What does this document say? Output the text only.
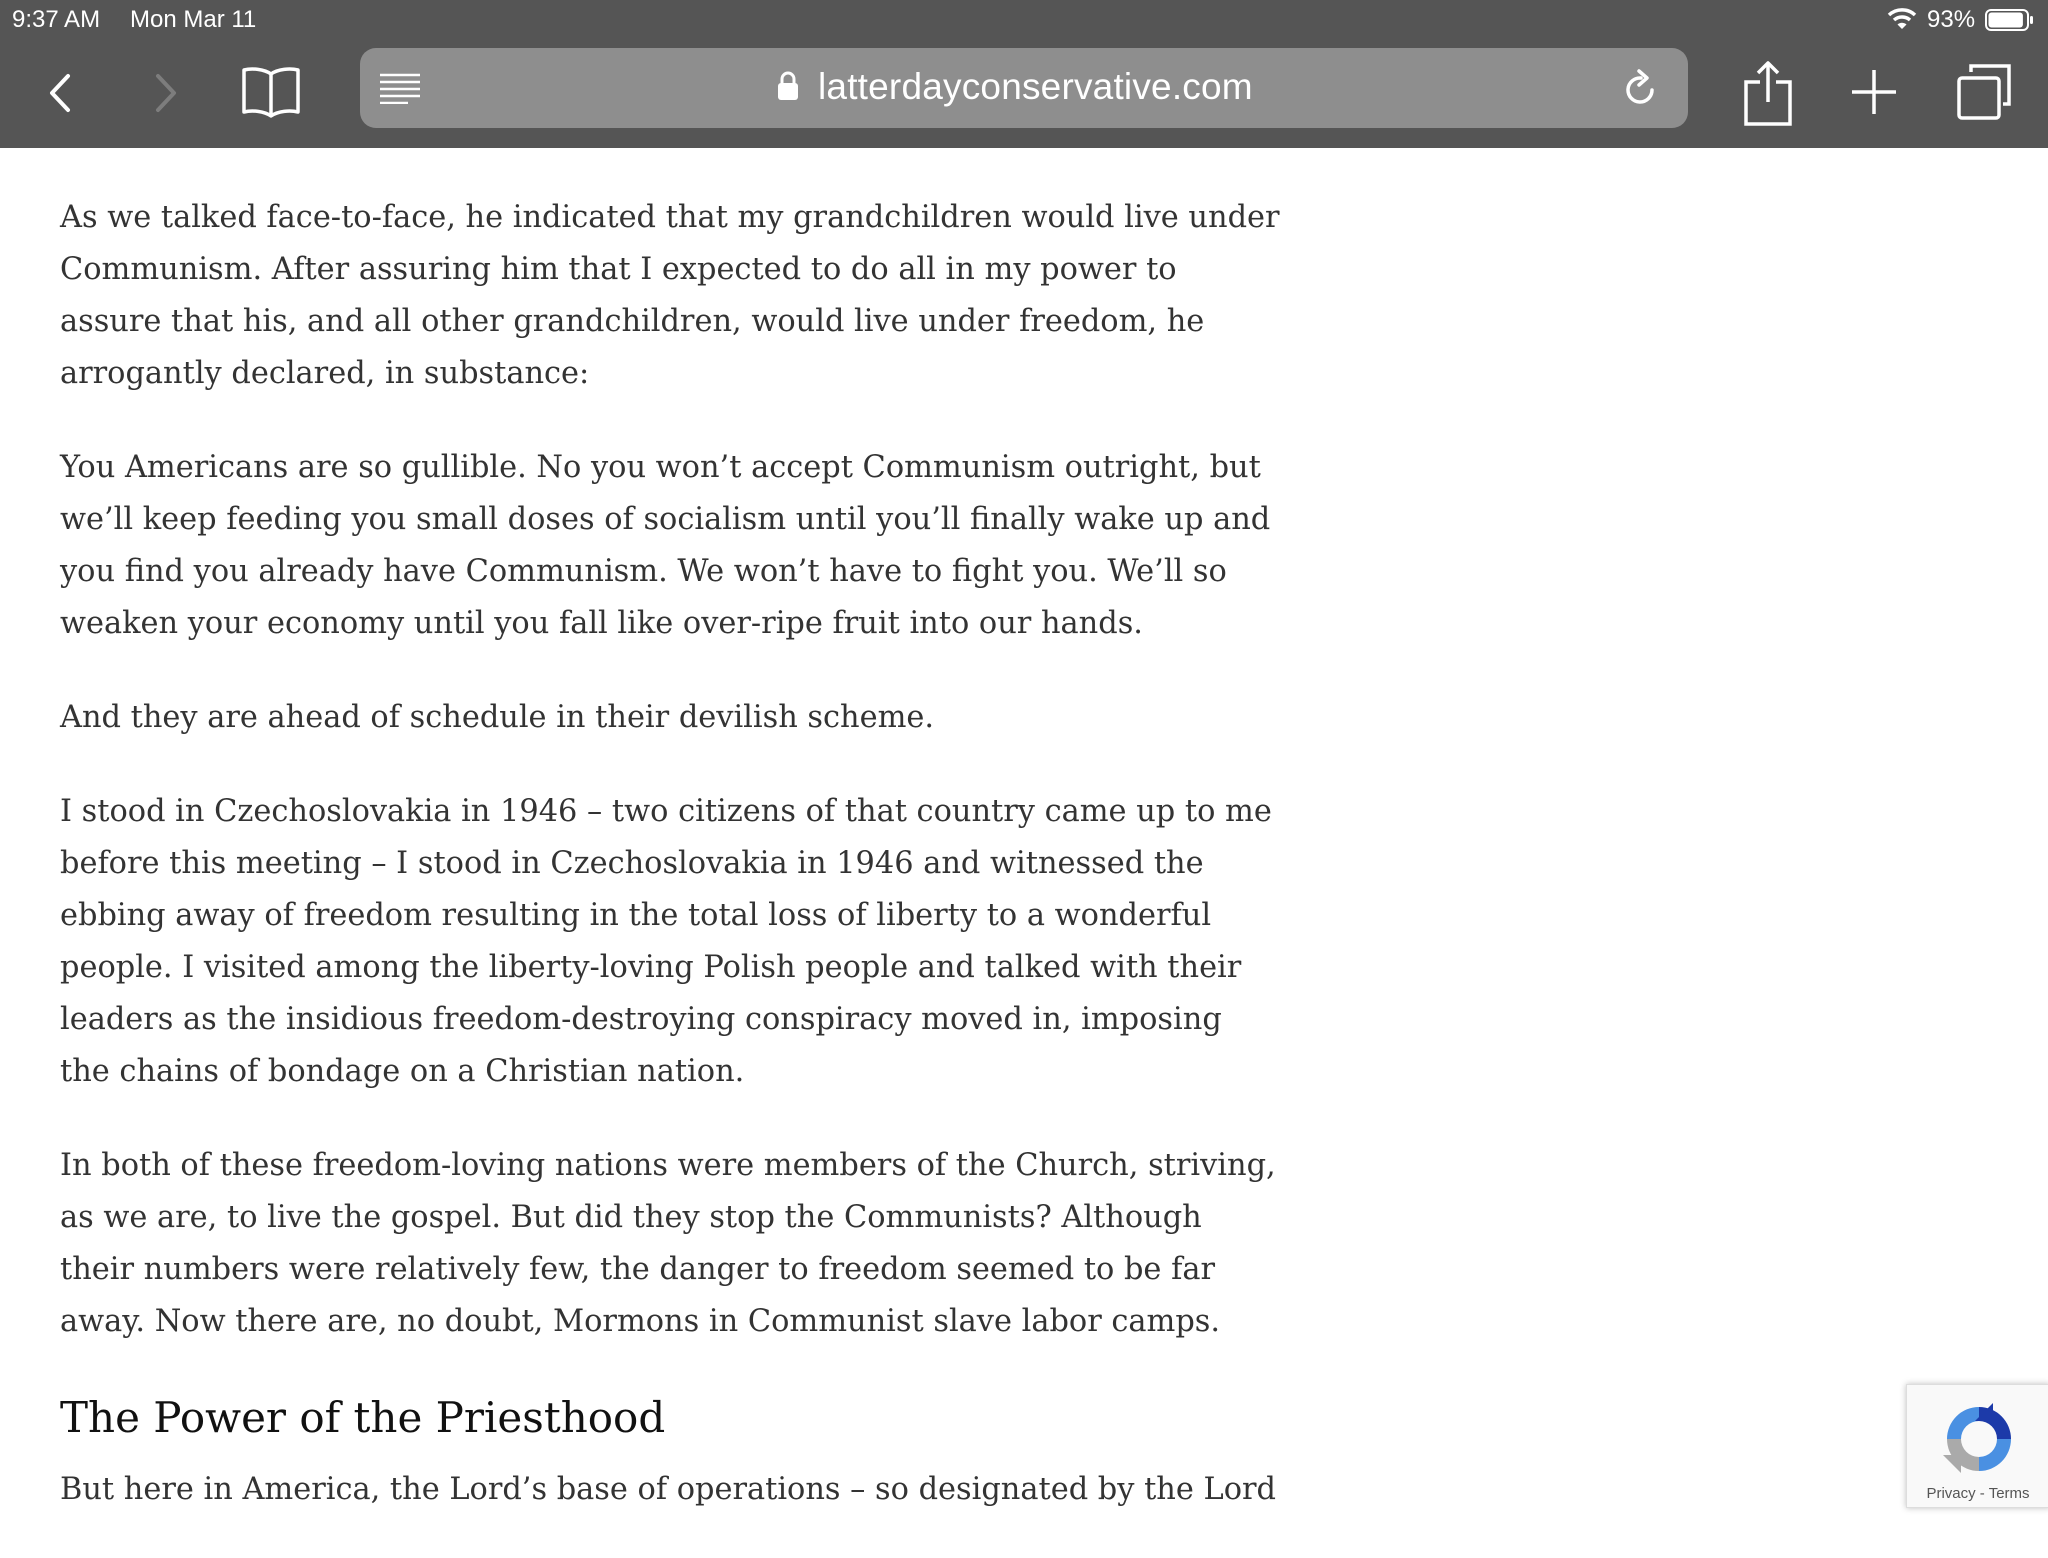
9:37 AM Mon Mar 11	93%
latterdayconservative.com

As we talked face-to-face, he indicated that my grandchildren would live under Communism. After assuring him that I expected to do all in my power to assure that his, and all other grandchildren, would live under freedom, he arrogantly declared, in substance:

You Americans are so gullible. No you won’t accept Communism outright, but we’ll keep feeding you small doses of socialism until you’ll finally wake up and you find you already have Communism. We won’t have to fight you. We’ll so weaken your economy until you fall like over-ripe fruit into our hands.

And they are ahead of schedule in their devilish scheme.

I stood in Czechoslovakia in 1946 – two citizens of that country came up to me before this meeting – I stood in Czechoslovakia in 1946 and witnessed the ebbing away of freedom resulting in the total loss of liberty to a wonderful people. I visited among the liberty-loving Polish people and talked with their leaders as the insidious freedom-destroying conspiracy moved in, imposing the chains of bondage on a Christian nation.

In both of these freedom-loving nations were members of the Church, striving, as we are, to live the gospel. But did they stop the Communists? Although their numbers were relatively few, the danger to freedom seemed to be far away. Now there are, no doubt, Mormons in Communist slave labor camps.

The Power of the Priesthood

But here in America, the Lord’s base of operations – so designated by the Lord	Privacy - Terms
